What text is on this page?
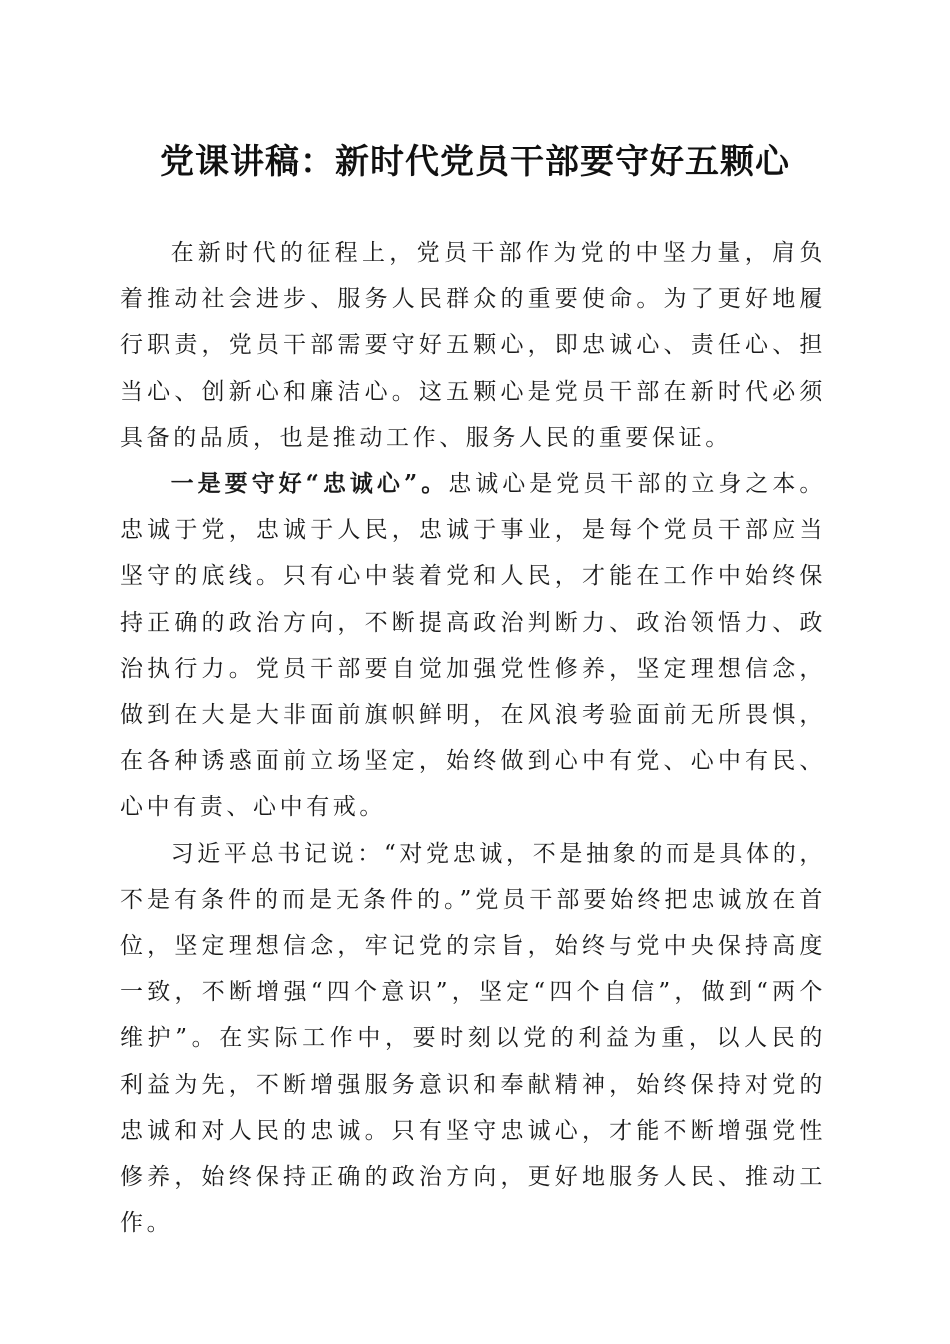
党课讲稿：新时代党员干部要守好五颗心

在新时代的征程上，党员干部作为党的中坚力量，肩负着推动社会进步、服务人民群众的重要使命。为了更好地履行职责，党员干部需要守好五颗心，即忠诚心、责任心、担当心、创新心和廉洁心。这五颗心是党员干部在新时代必须具备的品质，也是推动工作、服务人民的重要保证。

一是要守好“忠诚心”。忠诚心是党员干部的立身之本。忠诚于党，忠诚于人民，忠诚于事业，是每个党员干部应当坚守的底线。只有心中装着党和人民，才能在工作中始终保持正确的政治方向，不断提高政治判断力、政治领悟力、政治执行力。党员干部要自觉加强党性修养，坚定理想信念，做到在大是大非面前旗帜鲜明，在风浪考验面前无所畏惧，在各种诱惑面前立场坚定，始终做到心中有党、心中有民、心中有责、心中有戒。

习近平总书记说：“对党忠诚，不是抽象的而是具体的，不是有条件的而是无条件的。”党员干部要始终把忠诚放在首位，坚定理想信念，牢记党的宗旨，始终与党中央保持高度一致，不断增强“四个意识”，坚定“四个自信”，做到“两个维护”。在实际工作中，要时刻以党的利益为重，以人民的利益为先，不断增强服务意识和奉献精神，始终保持对党的忠诚和对人民的忠诚。只有坚守忠诚心，才能不断增强党性修养，始终保持正确的政治方向，更好地服务人民、推动工作。
